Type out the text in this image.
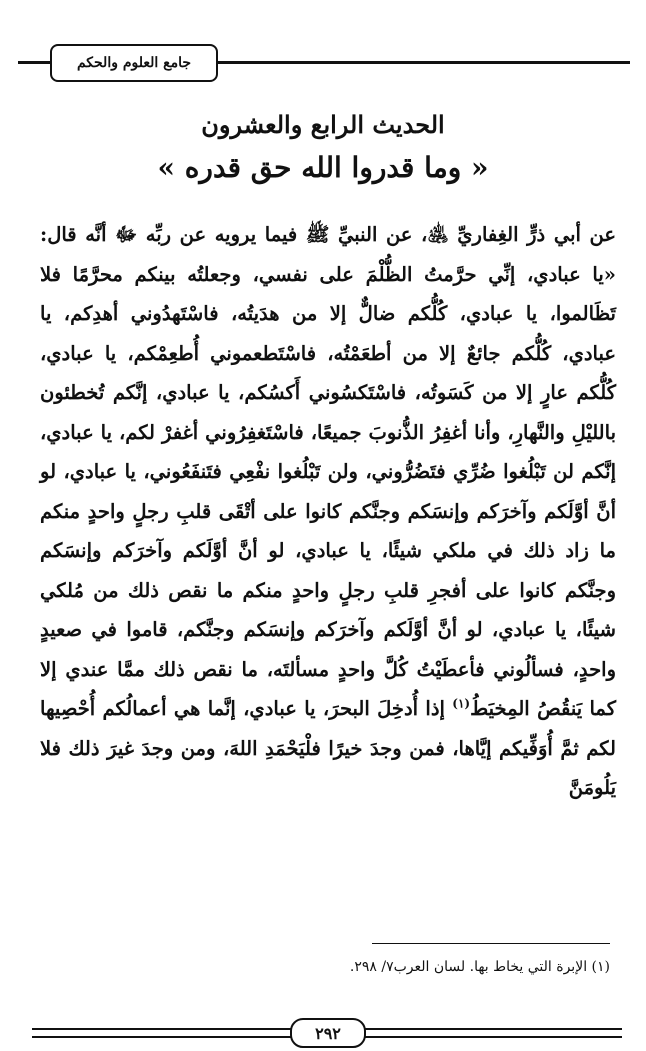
جامع العلوم والحكم
الحديث الرابع والعشرون
« وما قدروا الله حق قدره »

عن أبي ذرٍّ الغِفاريِّ ﵁، عن النبيِّ ﷺ فيما يرويه عن ربِّه ﷻ أنَّه قال: «يا عبادي، إنِّي حرَّمتُ الظُّلْمَ على نفسي، وجعلتُه بينكم محرَّمًا فلا تَظَالموا، يا عبادي، كُلُّكم ضالٌّ إلا من هدَيتُه، فاسْتَهدُوني أهدِكم، يا عبادي، كُلُّكم جائعٌ إلا من أطعَمْتُه، فاسْتَطعموني أُطعِمْكم، يا عبادي، كُلُّكم عارٍ إلا من كَسَوتُه، فاسْتَكسُوني أَكسُكم، يا عبادي، إنَّكم تُخطئون بالليْلِ والنَّهارِ، وأنا أغفِرُ الذُّنوبَ جميعًا، فاسْتَغفِرُوني أغفرْ لكم، يا عبادي، إنَّكم لن تَبْلُغوا ضُرِّي فتَضُرُّوني، ولن تَبْلُغوا نفْعِي فتَنفَعُوني، يا عبادي، لو أنَّ أوَّلَكم وآخرَكم وإنسَكم وجنَّكم كانوا على أتْقَى قلبِ رجلٍ واحدٍ منكم ما زاد ذلك في ملكي شيئًا، يا عبادي، لو أنَّ أوَّلَكم وآخرَكم وإنسَكم وجنَّكم كانوا على أفجرِ قلبِ رجلٍ واحدٍ منكم ما نقص ذلك من مُلكي شيئًا، يا عبادي، لو أنَّ أوَّلَكم وآخرَكم وإنسَكم وجنَّكم، قاموا في صعيدٍ واحدٍ، فسألُوني فأعطَيْتُ كُلَّ واحدٍ مسألتَه، ما نقص ذلك ممَّا عندي إلا كما يَنقُصُ المِخيَطُ$^{(١)}$ إذا أُدخِلَ البحرَ، يا عبادي، إنَّما هي أعمالُكم أُحْصِيها لكم ثمَّ أُوَفِّيكم إيَّاها، فمن وجدَ خيرًا فلْيَحْمَدِ اللهَ، ومن وجدَ غيرَ ذلك فلا يَلُومَنَّ

(١) الإبرة التي يخاط بها. لسان العرب٧/ ٢٩٨.
٢٩٢
